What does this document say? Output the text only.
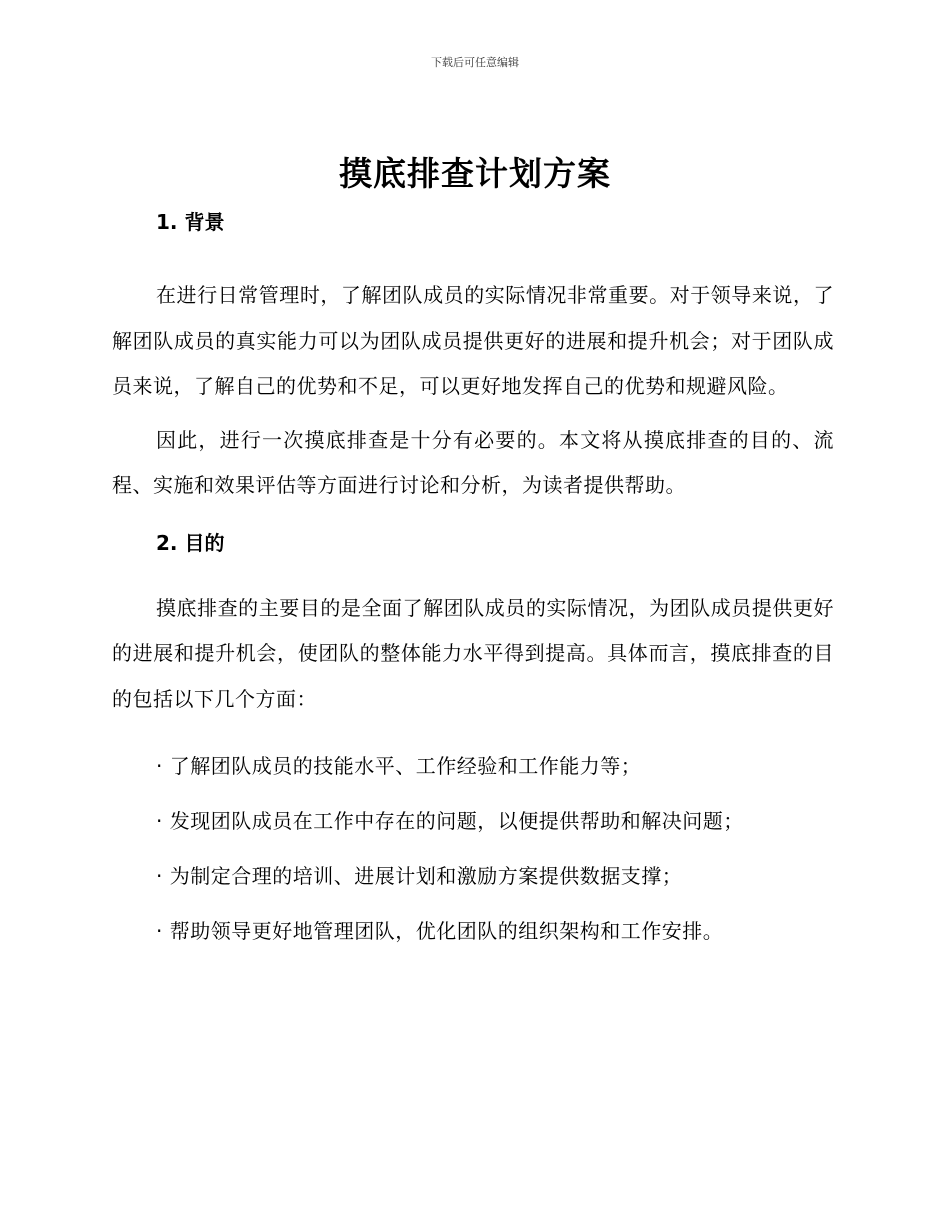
下载后可任意编辑
摸底排查计划方案
1. 背景

在进行日常管理时，了解团队成员的实际情况非常重要。对于领导来说，了解团队成员的真实能力可以为团队成员提供更好的进展和提升机会；对于团队成员来说，了解自己的优势和不足，可以更好地发挥自己的优势和规避风险。

因此，进行一次摸底排查是十分有必要的。本文将从摸底排查的目的、流程、实施和效果评估等方面进行讨论和分析，为读者提供帮助。

2. 目的

摸底排查的主要目的是全面了解团队成员的实际情况，为团队成员提供更好的进展和提升机会，使团队的整体能力水平得到提高。具体而言，摸底排查的目的包括以下几个方面：

· 了解团队成员的技能水平、工作经验和工作能力等；
· 发现团队成员在工作中存在的问题，以便提供帮助和解决问题；
· 为制定合理的培训、进展计划和激励方案提供数据支撑；
· 帮助领导更好地管理团队，优化团队的组织架构和工作安排。
